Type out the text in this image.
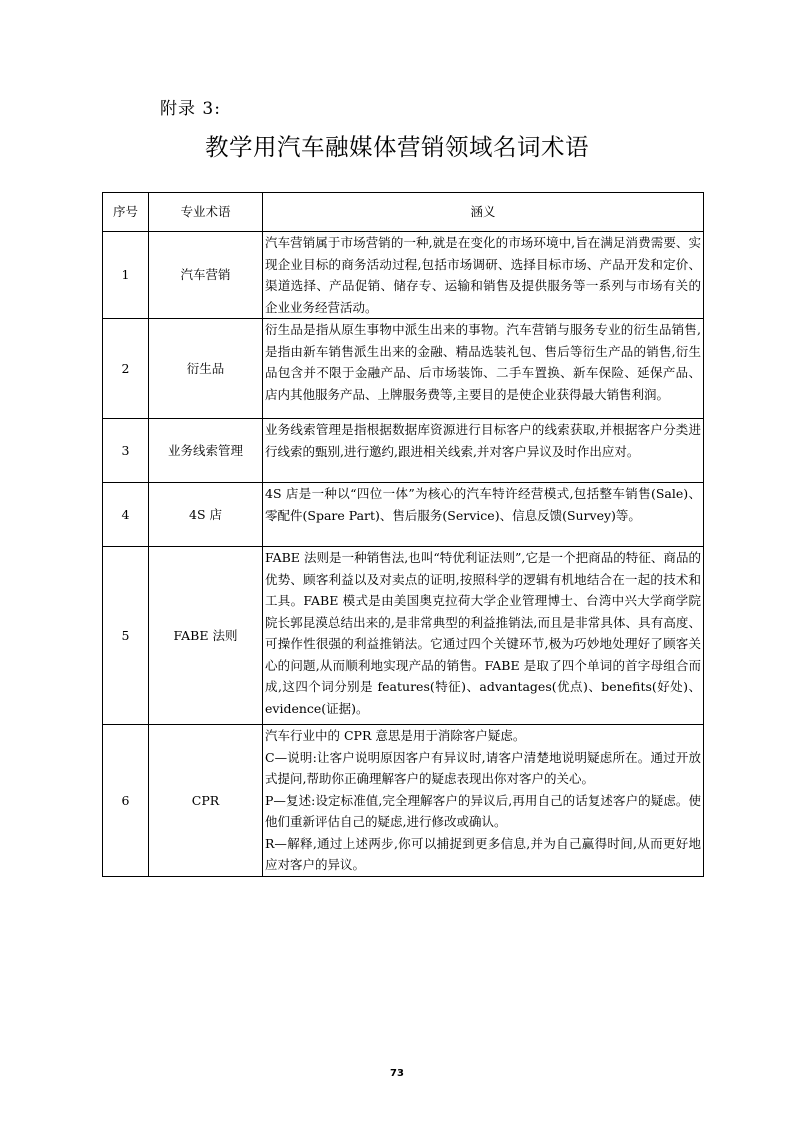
附录 3:
教学用汽车融媒体营销领域名词术语
序号	专业术语	涵义
1	汽车营销	汽车营销属于市场营销的一种,就是在变化的市场环境中,旨在满足消费需要、实现企业目标的商务活动过程,包括市场调研、选择目标市场、产品开发和定价、渠道选择、产品促销、储存专、运输和销售及提供服务等一系列与市场有关的企业业务经营活动。

2	衍生品	衍生品是指从原生事物中派生出来的事物。汽车营销与服务专业的衍生品销售,是指由新车销售派生出来的金融、精品选装礼包、售后等衍生产品的销售,衍生品包含并不限于金融产品、后市场装饰、二手车置换、新车保险、延保产品、店内其他服务产品、上牌服务费等,主要目的是使企业获得最大销售利润。

3	业务线索管理	业务线索管理是指根据数据库资源进行目标客户的线索获取,并根据客户分类进行线索的甄别,进行邀约,跟进相关线索,并对客户异议及时作出应对。

4	4S 店	4S 店是一种以“四位一体”为核心的汽车特许经营模式,包括整车销售(Sale)、零配件(Spare Part)、售后服务(Service)、信息反馈(Survey)等。

5	FABE 法则	FABE 法则是一种销售法,也叫“特优利证法则”,它是一个把商品的特征、商品的优势、顾客利益以及对卖点的证明,按照科学的逻辑有机地结合在一起的技术和工具。FABE 模式是由美国奥克拉荷大学企业管理博士、台湾中兴大学商学院院长郭昆漠总结出来的,是非常典型的利益推销法,而且是非常具体、具有高度、可操作性很强的利益推销法。它通过四个关键环节,极为巧妙地处理好了顾客关心的问题,从而顺利地实现产品的销售。FABE 是取了四个单词的首字母组合而成,这四个词分别是 features(特征)、advantages(优点)、benefits(好处)、evidence(证据)。

6	CPR	汽车行业中的 CPR 意思是用于消除客户疑虑。

C—说明:让客户说明原因客户有异议时,请客户清楚地说明疑虑所在。通过开放式提问,帮助你正确理解客户的疑虑表现出你对客户的关心。

P—复述:设定标准值,完全理解客户的异议后,再用自己的话复述客户的疑虑。使他们重新评估自己的疑虑,进行修改或确认。

R—解释,通过上述两步,你可以捕捉到更多信息,并为自己赢得时间,从而更好地应对客户的异议。

73
